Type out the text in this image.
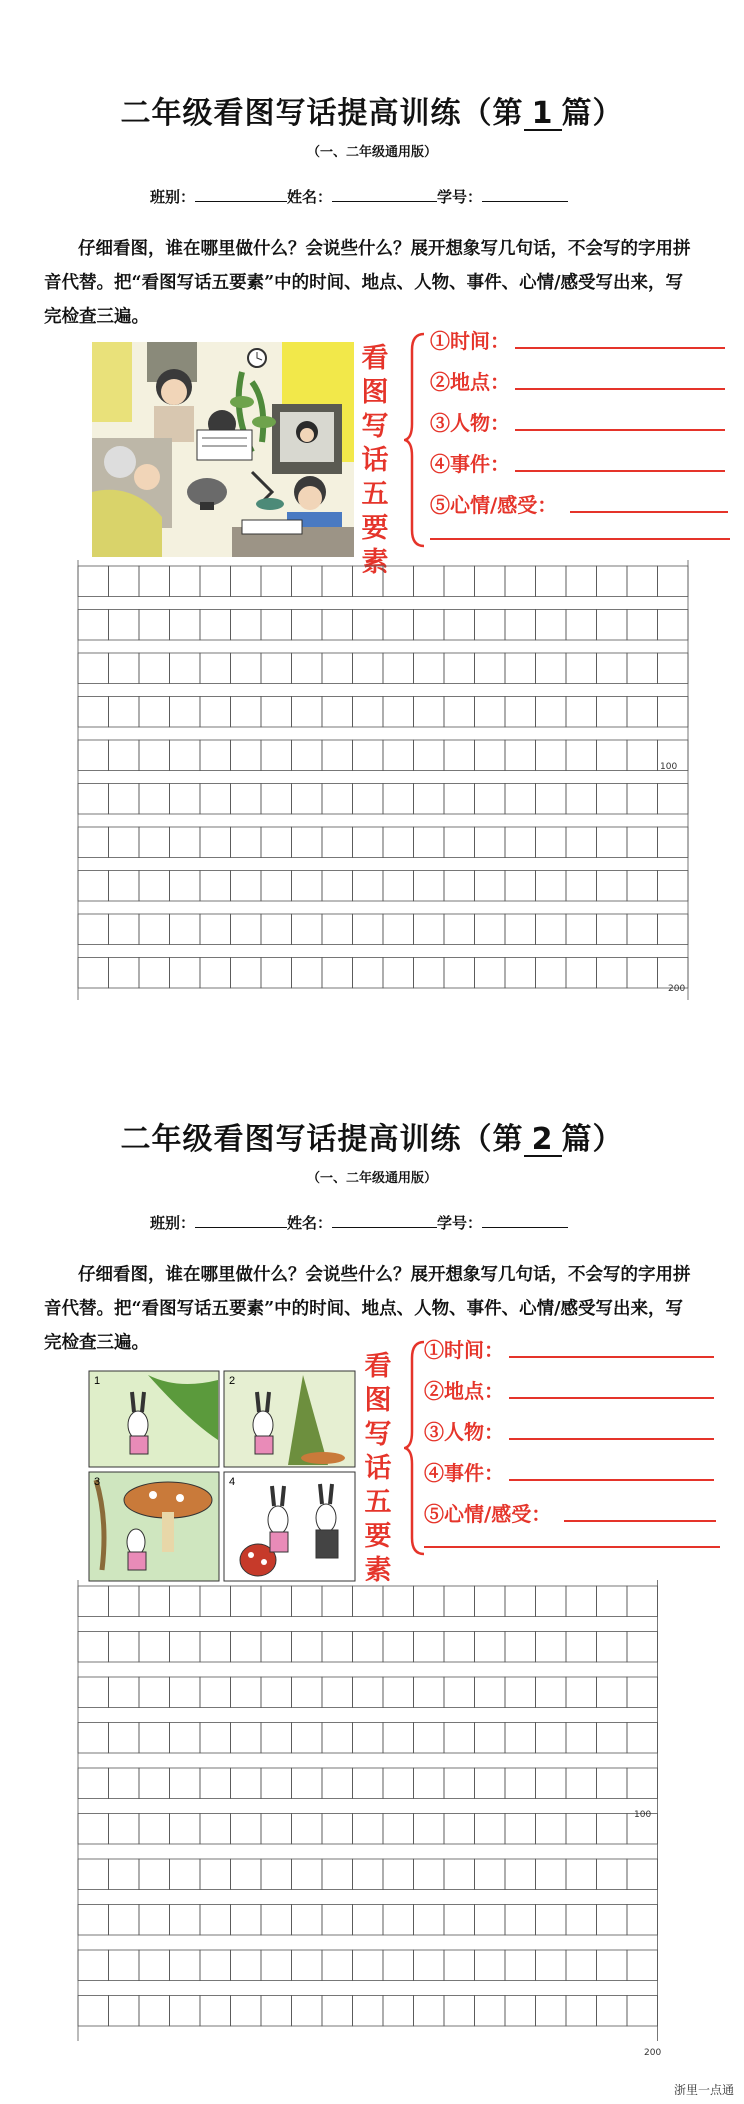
二年级看图写话提高训练（第 1 篇）
（一、二年级通用版）
班别：	姓名：	学号：
仔细看图，谁在哪里做什么？会说些什么？展开想象写几句话，不会写的字用拼音代替。把“看图写话五要素”中的时间、地点、人物、事件、心情/感受写出来，写完检查三遍。
看
图
写
话
五
要
素
①时间：
②地点：
③人物：
④事件：
⑤心情/感受：
100
200
二年级看图写话提高训练（第 2 篇）
（一、二年级通用版）
班别：	姓名：	学号：
仔细看图，谁在哪里做什么？会说些什么？展开想象写几句话，不会写的字用拼音代替。把“看图写话五要素”中的时间、地点、人物、事件、心情/感受写出来，写完检查三遍。
1	2
3	4
看
图
写
话
五
要
素
①时间：
②地点：
③人物：
④事件：
⑤心情/感受：
100
200
浙里一点通
